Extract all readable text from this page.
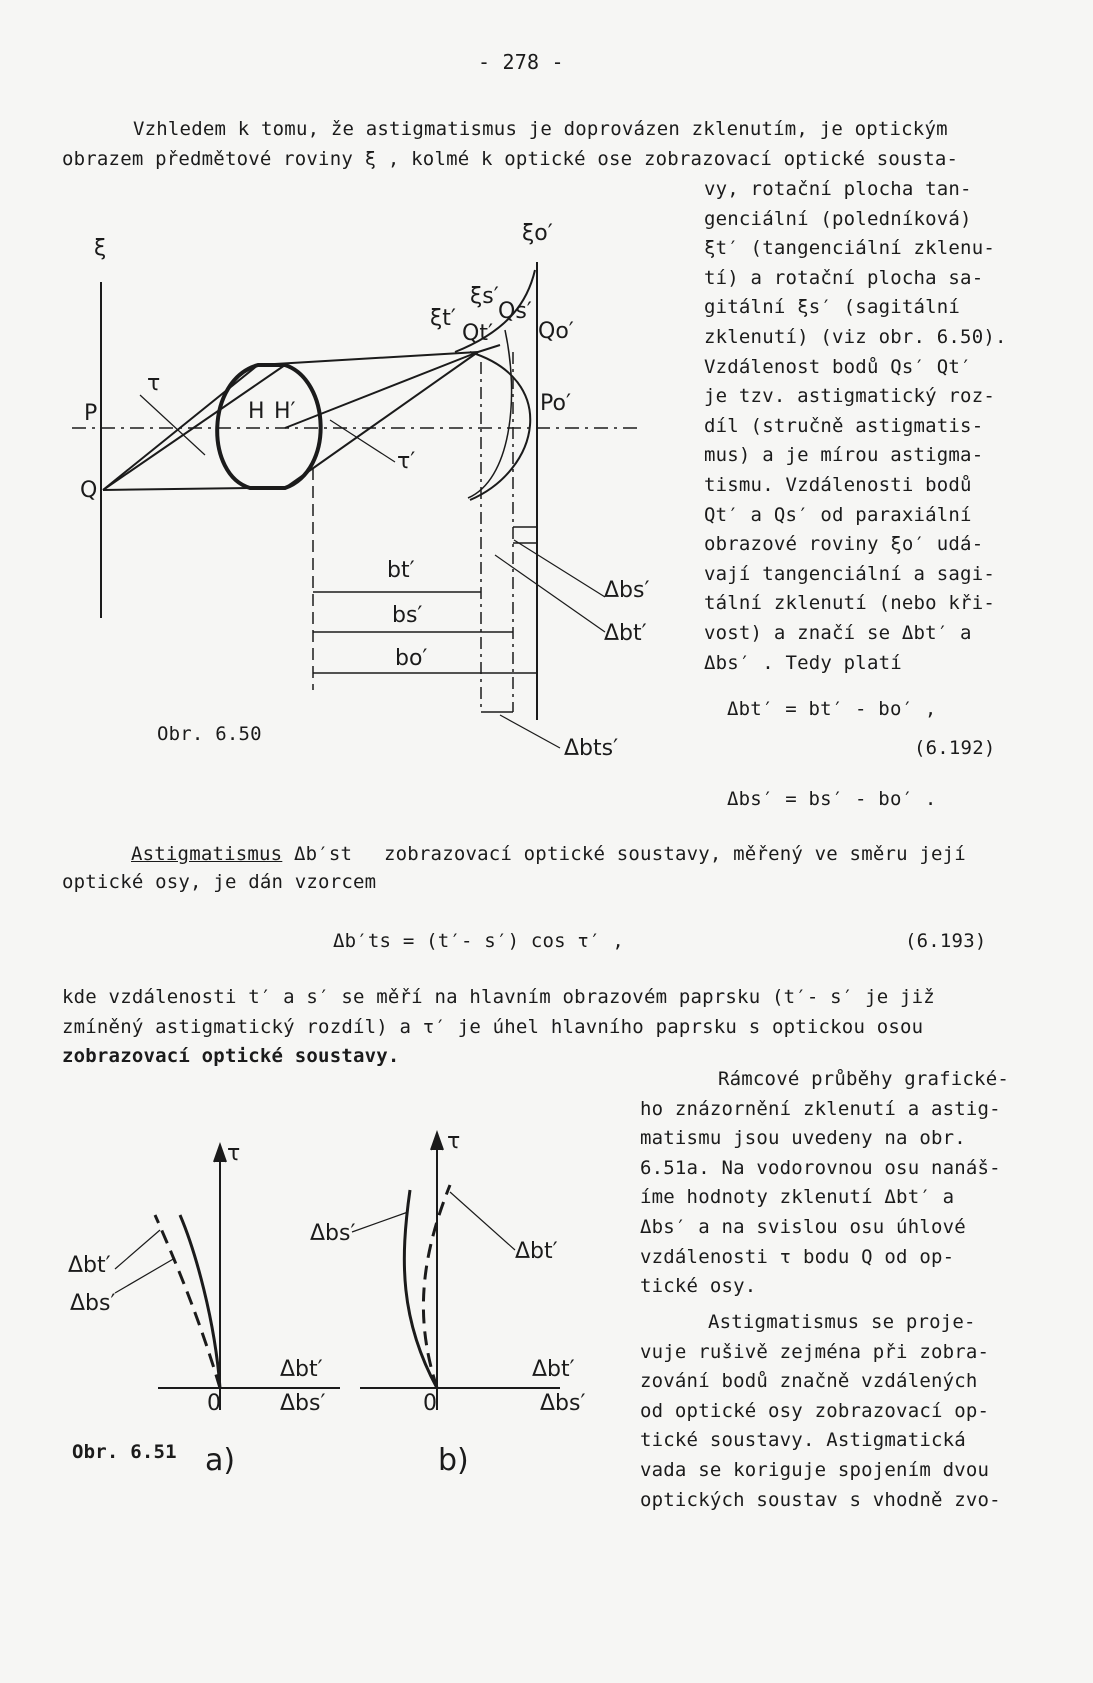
- 278 -
Vzhledem k tomu, že astigmatismus je doprovázen zklenutím, je optickým
obrazem předmětové roviny ξ , kolmé k optické ose zobrazovací optické sousta-
vy, rotační plocha tan-
genciální (poledníková)
ξt′ (tangenciální zklenu-
tí) a rotační plocha sa-
gitální ξs′ (sagitální
zklenutí) (viz obr. 6.50).
Vzdálenost bodů Qs′ Qt′
je tzv. astigmatický roz-
díl (stručně astigmatis-
mus) a je mírou astigma-
tismu. Vzdálenosti bodů
Qt′ a Qs′ od paraxiální
obrazové roviny ξo′ udá-
vají tangenciální a sagi-
tální zklenutí (nebo kři-
vost) a značí se Δbt′ a
Δbs′ . Tedy platí
ξ
ξo′
ξs′
ξt′ Qs′
Qt′ Qo′
Po′
P
Q
H H′
τ
τ′
bt′
bs′
bo′
Δbs′
Δbt′
Δbts′
Obr. 6.50
Δbt′ = bt′ - bo′ ,
(6.192)
Δbs′ = bs′ - bo′ .
Astigmatismus Δb′st zobrazovací optické soustavy, měřený ve směru její
optické osy, je dán vzorcem
Δb′ts = (t′- s′) cos τ′ ,	(6.193)
kde vzdálenosti t′ a s′ se měří na hlavním obrazovém paprsku (t′- s′ je již
zmíněný astigmatický rozdíl) a τ′ je úhel hlavního paprsku s optickou osou
zobrazovací optické soustavy.
Rámcové průběhy grafické-
ho znázornění zklenutí a astig-
matismu jsou uvedeny na obr.
6.51a. Na vodorovnou osu nanáš-
íme hodnoty zklenutí Δbt′ a
Δbs′ a na svislou osu úhlové
vzdálenosti τ bodu Q od op-
tické osy.
Astigmatismus se proje-
vuje rušivě zejména při zobra-
zování bodů značně vzdálených
od optické osy zobrazovací op-
tické soustavy. Astigmatická
vada se koriguje spojením dvou
optických soustav s vhodně zvo-
τ	τ
0	0
Δbt′
Δbs′
Δbt′
Δbs′
Δbs′
Δbt′
Δbt′
Δbs′
a)	b)
Obr. 6.51
